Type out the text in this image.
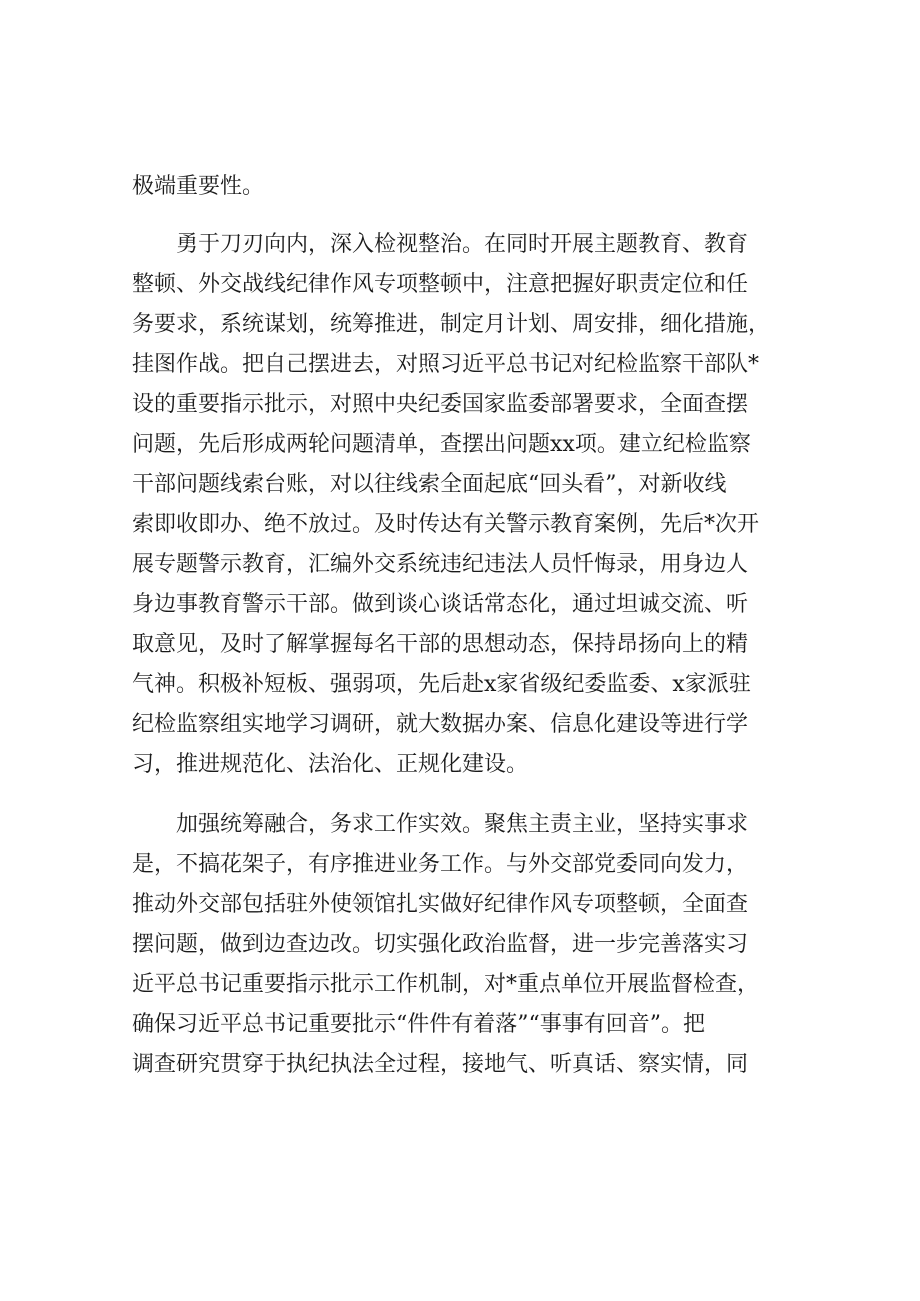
极端重要性。
勇于刀刃向内，深入检视整治。在同时开展主题教育、教育
整顿、外交战线纪律作风专项整顿中，注意把握好职责定位和任
务要求，系统谋划，统筹推进，制定月计划、周安排，细化措施，
挂图作战。把自己摆进去，对照习近平总书记对纪检监察干部队*
设的重要指示批示，对照中央纪委国家监委部署要求，全面查摆
问题，先后形成两轮问题清单，查摆出问题xx项。建立纪检监察
干部问题线索台账，对以往线索全面起底“回头看”，对新收线
索即收即办、绝不放过。及时传达有关警示教育案例，先后*次开
展专题警示教育，汇编外交系统违纪违法人员忏悔录，用身边人
身边事教育警示干部。做到谈心谈话常态化，通过坦诚交流、听
取意见，及时了解掌握每名干部的思想动态，保持昂扬向上的精
气神。积极补短板、强弱项，先后赴x家省级纪委监委、x家派驻
纪检监察组实地学习调研，就大数据办案、信息化建设等进行学
习，推进规范化、法治化、正规化建设。
加强统筹融合，务求工作实效。聚焦主责主业，坚持实事求
是，不搞花架子，有序推进业务工作。与外交部党委同向发力，
推动外交部包括驻外使领馆扎实做好纪律作风专项整顿，全面查
摆问题，做到边查边改。切实强化政治监督，进一步完善落实习
近平总书记重要指示批示工作机制，对*重点单位开展监督检查，
确保习近平总书记重要批示“件件有着落”“事事有回音”。把
调查研究贯穿于执纪执法全过程，接地气、听真话、察实情，同
